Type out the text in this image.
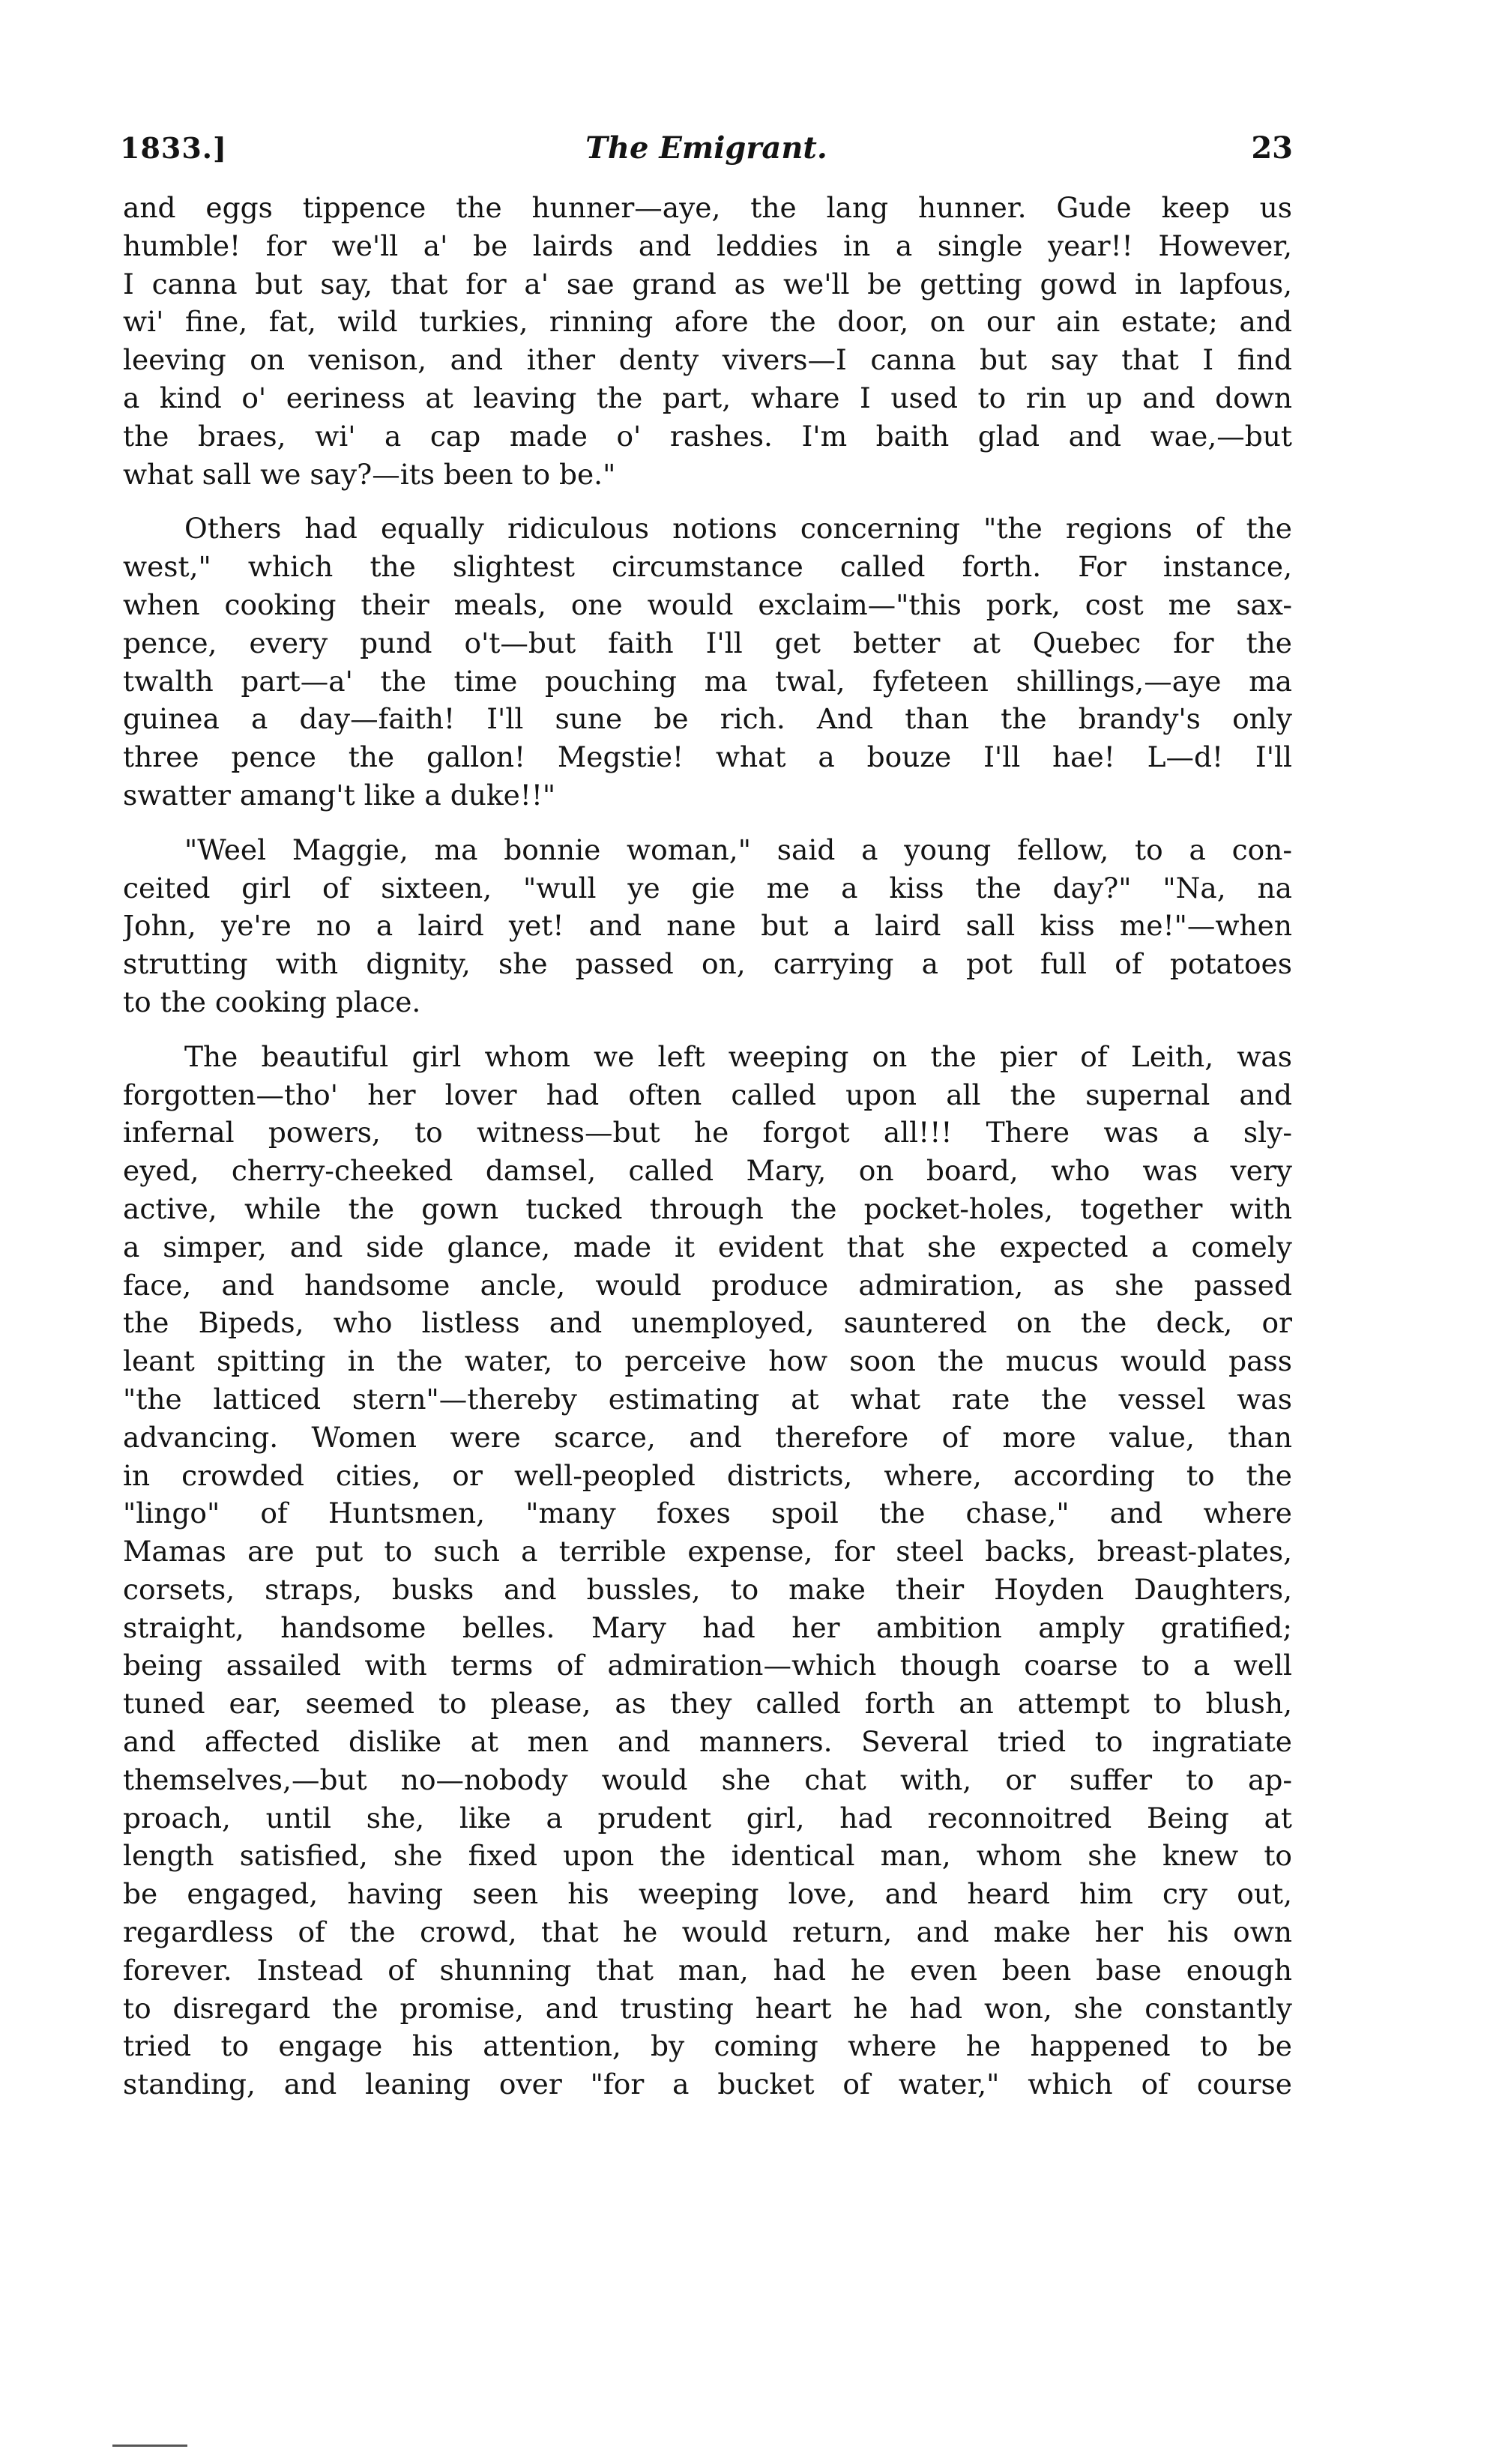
1833.]	The Emigrant.	23
and eggs tippence the hunner—aye, the lang hunner. Gude keep us
humble! for we'll a' be lairds and leddies in a single year!! However,
I canna but say, that for a' sae grand as we'll be getting gowd in lapfous,
wi' fine, fat, wild turkies, rinning afore the door, on our ain estate; and
leeving on venison, and ither denty vivers—I canna but say that I find
a kind o' eeriness at leaving the part, whare I used to rin up and down
the braes, wi' a cap made o' rashes. I'm baith glad and wae,—but
what sall we say?—its been to be."
Others had equally ridiculous notions concerning "the regions of the
west," which the slightest circumstance called forth. For instance,
when cooking their meals, one would exclaim—"this pork, cost me sax-
pence, every pund o't—but faith I'll get better at Quebec for the
twalth part—a' the time pouching ma twal, fyfeteen shillings,—aye ma
guinea a day—faith! I'll sune be rich. And than the brandy's only
three pence the gallon! Megstie! what a bouze I'll hae! L—d! I'll
swatter amang't like a duke!!"
"Weel Maggie, ma bonnie woman," said a young fellow, to a con-
ceited girl of sixteen, "wull ye gie me a kiss the day?" "Na, na
John, ye're no a laird yet! and nane but a laird sall kiss me!"—when
strutting with dignity, she passed on, carrying a pot full of potatoes
to the cooking place.
The beautiful girl whom we left weeping on the pier of Leith, was
forgotten—tho' her lover had often called upon all the supernal and
infernal powers, to witness—but he forgot all!!! There was a sly-
eyed, cherry-cheeked damsel, called Mary, on board, who was very
active, while the gown tucked through the pocket-holes, together with
a simper, and side glance, made it evident that she expected a comely
face, and handsome ancle, would produce admiration, as she passed
the Bipeds, who listless and unemployed, sauntered on the deck, or
leant spitting in the water, to perceive how soon the mucus would pass
"the latticed stern"—thereby estimating at what rate the vessel was
advancing. Women were scarce, and therefore of more value, than
in crowded cities, or well-peopled districts, where, according to the
"lingo" of Huntsmen, "many foxes spoil the chase," and where
Mamas are put to such a terrible expense, for steel backs, breast-plates,
corsets, straps, busks and bussles, to make their Hoyden Daughters,
straight, handsome belles. Mary had her ambition amply gratified;
being assailed with terms of admiration—which though coarse to a well
tuned ear, seemed to please, as they called forth an attempt to blush,
and affected dislike at men and manners. Several tried to ingratiate
themselves,—but no—nobody would she chat with, or suffer to ap-
proach, until she, like a prudent girl, had reconnoitred Being at
length satisfied, she fixed upon the identical man, whom she knew to
be engaged, having seen his weeping love, and heard him cry out,
regardless of the crowd, that he would return, and make her his own
forever. Instead of shunning that man, had he even been base enough
to disregard the promise, and trusting heart he had won, she constantly
tried to engage his attention, by coming where he happened to be
standing, and leaning over "for a bucket of water," which of course
